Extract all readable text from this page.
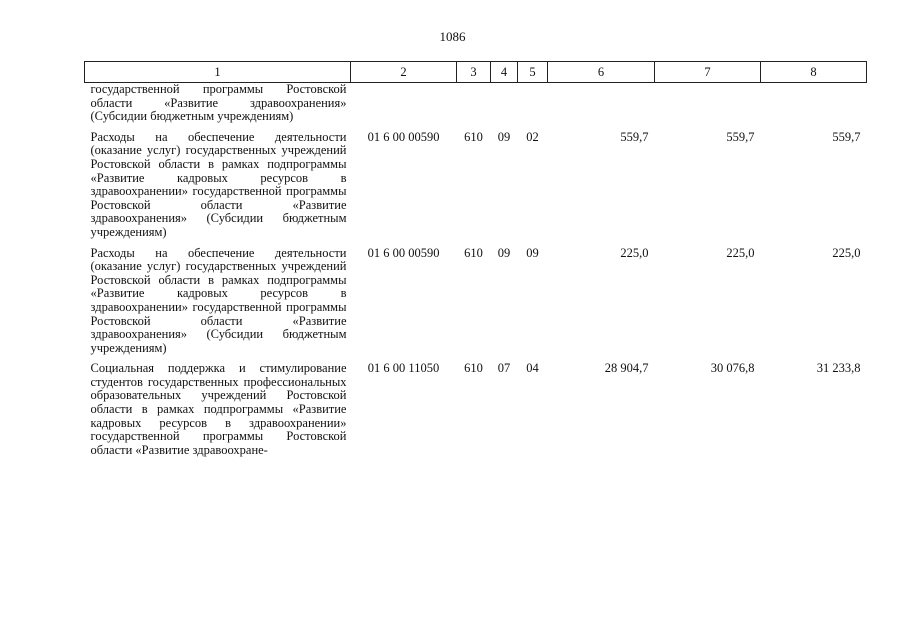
1086
1	2	3	4	5	6	7	8
государственной программы Ростовской области «Развитие здравоохранения» (Субсидии бюджетным учреждениям)							
Расходы на обеспечение деятельности (оказание услуг) государственных учреждений Ростовской области в рамках подпрограммы «Развитие кадровых ресурсов в здравоохранении» государственной программы Ростовской области «Развитие здравоохранения» (Субсидии бюджетным учреждениям)	01 6 00 00590	610	09	02	559,7	559,7	559,7
Расходы на обеспечение деятельности (оказание услуг) государственных учреждений Ростовской области в рамках подпрограммы «Развитие кадровых ресурсов в здравоохранении» государственной программы Ростовской области «Развитие здравоохранения» (Субсидии бюджетным учреждениям)	01 6 00 00590	610	09	09	225,0	225,0	225,0
Социальная поддержка и стимулирование студентов государственных профессиональных образовательных учреждений Ростовской области в рамках подпрограммы «Развитие кадровых ресурсов в здравоохранении» государственной программы Ростовской области «Развитие здравоохране-	01 6 00 11050	610	07	04	28 904,7	30 076,8	31 233,8
